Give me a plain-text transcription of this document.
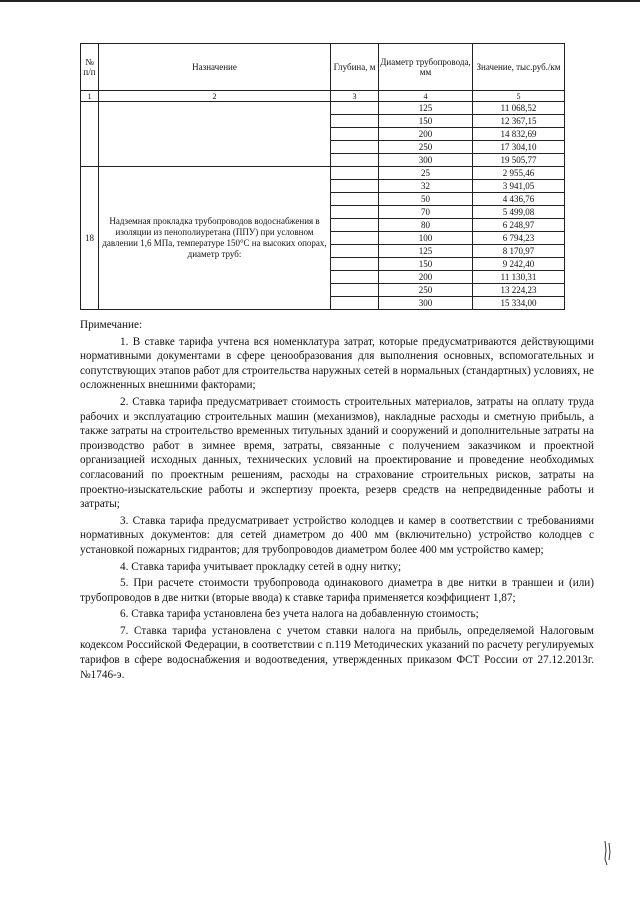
№ п/п	Назначение	Глубина, м	Диаметр трубопровода, мм	Значение, тыс.руб./км
1	2	3	4	5
			125	11 068,52
			150	12 367,15
			200	14 832,69
			250	17 304,10
			300	19 505,77
18	Надземная прокладка трубопроводов водоснабжения в изоляции из пенополиуретана (ППУ) при условном давлении 1,6 МПа, температуре 150°С на высоких опорах, диаметр труб:		25	2 955,46
			32	3 941,05
			50	4 436,76
			70	5 499,08
			80	6 248,97
			100	6 794,23
			125	8 170,97
			150	9 242,40
			200	11 130,31
			250	13 224,23
			300	15 334,00

Примечание:

1. В ставке тарифа учтена вся номенклатура затрат, которые предусматриваются действующими нормативными документами в сфере ценообразования для выполнения основных, вспомогательных и сопутствующих этапов работ для строительства наружных сетей в нормальных (стандартных) условиях, не осложненных внешними факторами;

2. Ставка тарифа предусматривает стоимость строительных материалов, затраты на оплату труда рабочих и эксплуатацию строительных машин (механизмов), накладные расходы и сметную прибыль, а также затраты на строительство временных титульных зданий и сооружений и дополнительные затраты на производство работ в зимнее время, затраты, связанные с получением заказчиком и проектной организацией исходных данных, технических условий на проектирование и проведение необходимых согласований по проектным решениям, расходы на страхование строительных рисков, затраты на проектно-изыскательские работы и экспертизу проекта, резерв средств на непредвиденные работы и затраты;

3. Ставка тарифа предусматривает устройство колодцев и камер в соответствии с требованиями нормативных документов: для сетей диаметром до 400 мм (включительно) устройство колодцев с установкой пожарных гидрантов; для трубопроводов диаметром более 400 мм устройство камер;

4. Ставка тарифа учитывает прокладку сетей в одну нитку;

5. При расчете стоимости трубопровода одинакового диаметра в две нитки в траншеи и (или) трубопроводов в две нитки (вторые ввода) к ставке тарифа применяется коэффициент 1,87;

6. Ставка тарифа установлена без учета налога на добавленную стоимость;

7. Ставка тарифа установлена с учетом ставки налога на прибыль, определяемой Налоговым кодексом Российской Федерации, в соответствии с п.119 Методических указаний по расчету регулируемых тарифов в сфере водоснабжения и водоотведения, утвержденных приказом ФСТ России от 27.12.2013г. №1746-э.
